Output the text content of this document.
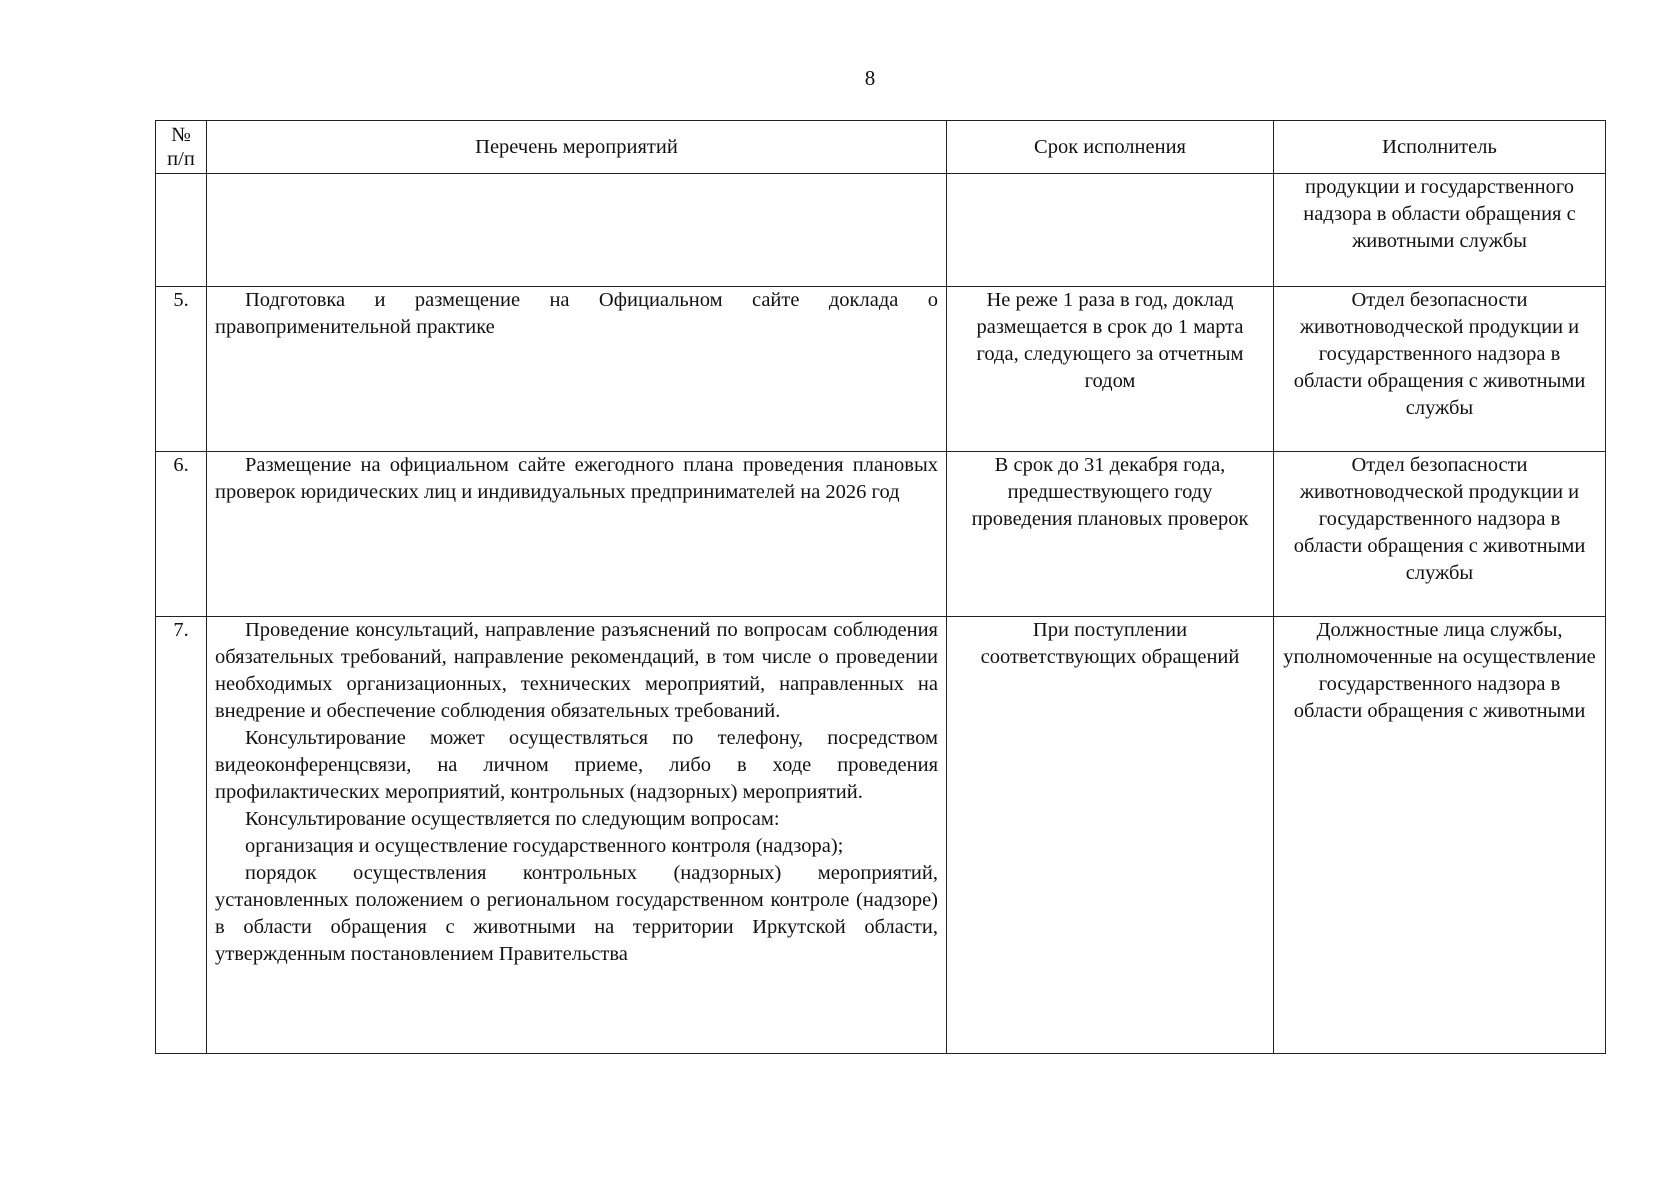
8
№ п/п	Перечень мероприятий	Срок исполнения	Исполнитель
			продукции и государственного надзора в области обращения с животными службы
5.	Подготовка и размещение на Официальном сайте доклада о правоприменительной практике	Не реже 1 раза в год, доклад размещается в срок до 1 марта года, следующего за отчетным годом	Отдел безопасности животноводческой продукции и государственного надзора в области обращения с животными службы
6.	Размещение на официальном сайте ежегодного плана проведения плановых проверок юридических лиц и индивидуальных предпринимателей на 2026 год	В срок до 31 декабря года, предшествующего году проведения плановых проверок	Отдел безопасности животноводческой продукции и государственного надзора в области обращения с животными службы
7.	Проведение консультаций, направление разъяснений по вопросам соблюдения обязательных требований, направление рекомендаций, в том числе о проведении необходимых организационных, технических мероприятий, направленных на внедрение и обеспечение соблюдения обязательных требований.

Консультирование может осуществляться по телефону, посредством видеоконференцсвязи, на личном приеме, либо в ходе проведения профилактических мероприятий, контрольных (надзорных) мероприятий.

Консультирование осуществляется по следующим вопросам:

организация и осуществление государственного контроля (надзора);

порядок осуществления контрольных (надзорных) мероприятий, установленных положением о региональном государственном контроле (надзоре) в области обращения с животными на территории Иркутской области, утвержденным постановлением Правительства	При поступлении соответствующих обращений	Должностные лица службы, уполномоченные на осуществление государственного надзора в области обращения с животными
